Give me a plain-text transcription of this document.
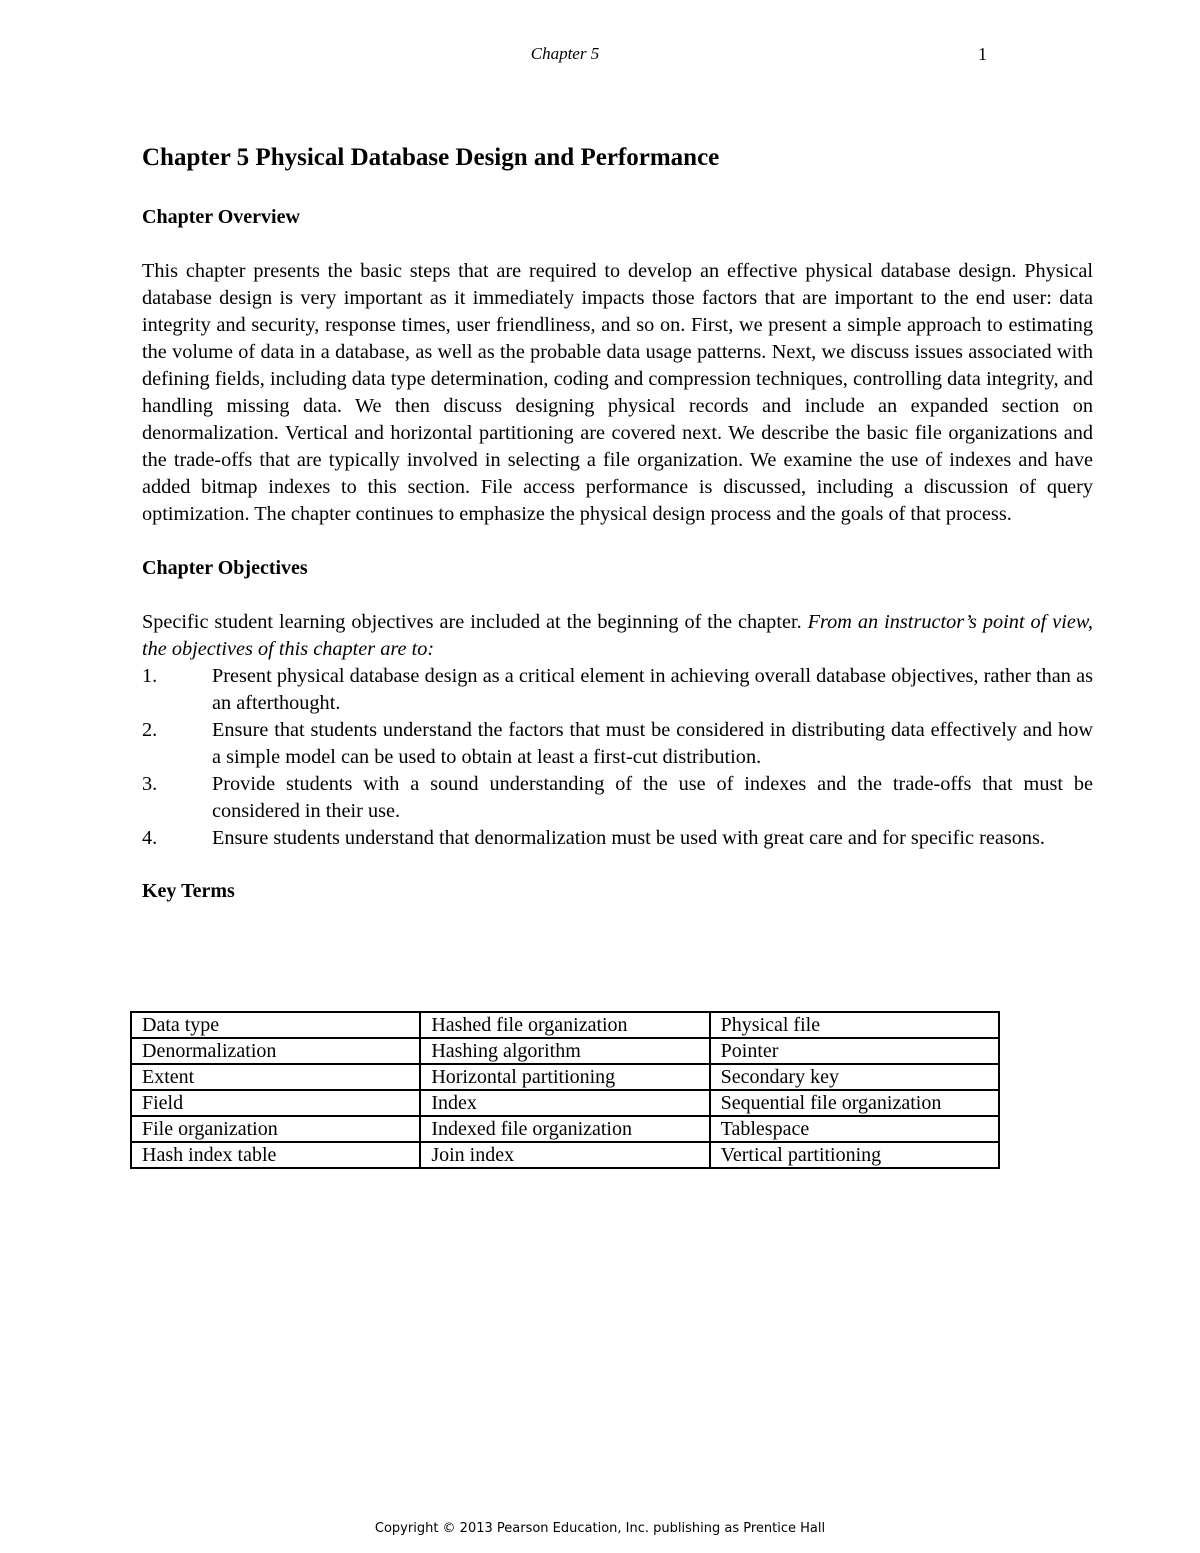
Chapter 5	1
Chapter 5 Physical Database Design and Performance
Chapter Overview

This chapter presents the basic steps that are required to develop an effective physical database design. Physical database design is very important as it immediately impacts those factors that are important to the end user: data integrity and security, response times, user friendliness, and so on. First, we present a simple approach to estimating the volume of data in a database, as well as the probable data usage patterns. Next, we discuss issues associated with defining fields, including data type determination, coding and compression techniques, controlling data integrity, and handling missing data. We then discuss designing physical records and include an expanded section on denormalization. Vertical and horizontal partitioning are covered next. We describe the basic file organizations and the trade-offs that are typically involved in selecting a file organization. We examine the use of indexes and have added bitmap indexes to this section. File access performance is discussed, including a discussion of query optimization. The chapter continues to emphasize the physical design process and the goals of that process.

Chapter Objectives

Specific student learning objectives are included at the beginning of the chapter. From an instructor’s point of view, the objectives of this chapter are to:

1.	Present physical database design as a critical element in achieving overall database objectives, rather than as an afterthought.
2.	Ensure that students understand the factors that must be considered in distributing data effectively and how a simple model can be used to obtain at least a first-cut distribution.
3.	Provide students with a sound understanding of the use of indexes and the trade-offs that must be considered in their use.
4.	Ensure students understand that denormalization must be used with great care and for specific reasons.
Key Terms
Data type	Hashed file organization	Physical file
Denormalization	Hashing algorithm	Pointer
Extent	Horizontal partitioning	Secondary key
Field	Index	Sequential file organization
File organization	Indexed file organization	Tablespace
Hash index table	Join index	Vertical partitioning
Copyright © 2013 Pearson Education, Inc. publishing as Prentice Hall
